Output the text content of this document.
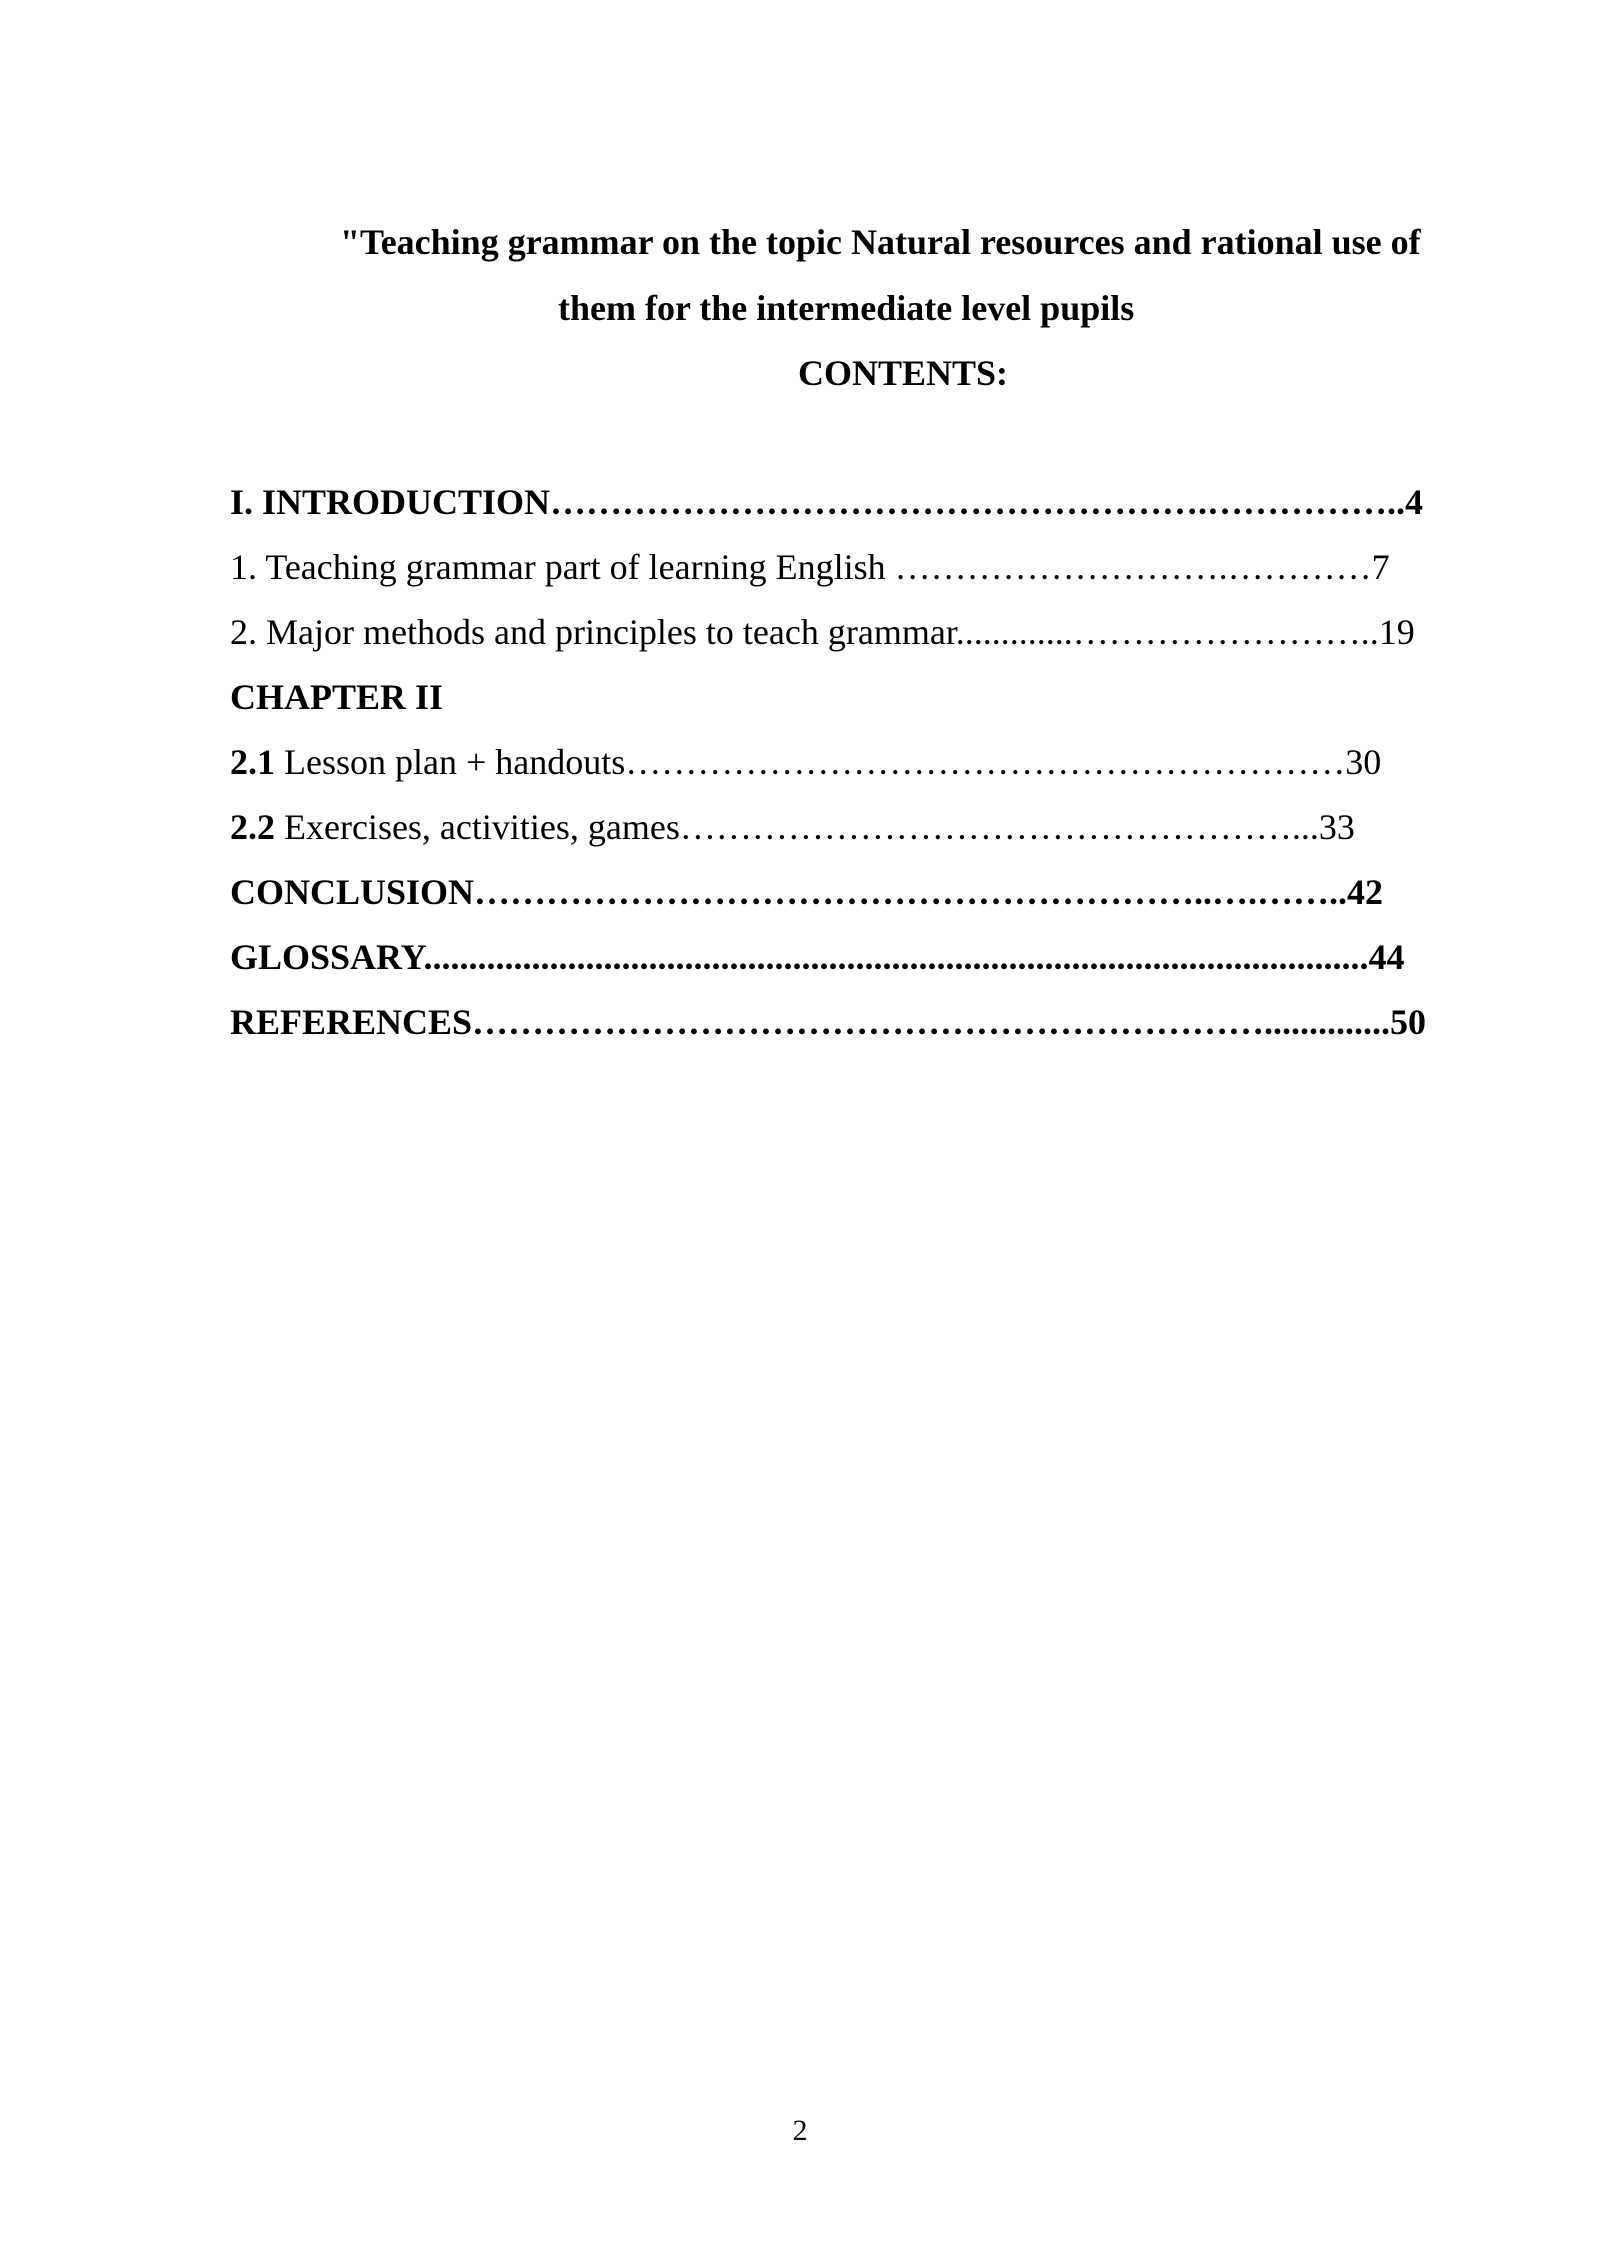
"Teaching grammar on the topic Natural resources and rational use of
them for the intermediate level pupils
CONTENTS:
I. INTRODUCTION……………………………………………….……………..4
1. Teaching grammar part of learning English ……………………….…………7
2. Major methods and principles to teach grammar.............……………………..19
CHAPTER II
2.1 Lesson plan + handouts……………………………………………………30
2.2 Exercises, activities, games……………………………………………...33
CONCLUSION……………………………………………………..….……..42
GLOSSARY.........................................................................................................44
REFERENCES…………………………………………………………..............50
2
